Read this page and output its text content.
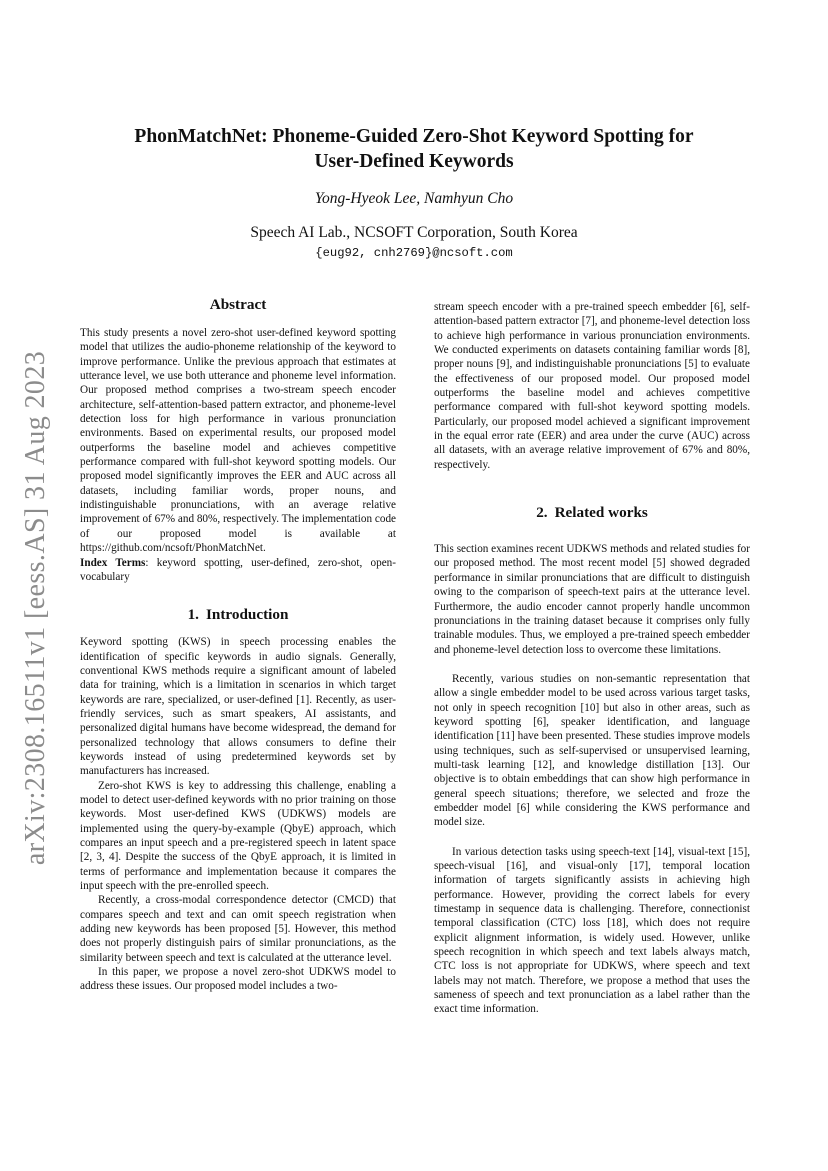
arXiv:2308.16511v1 [eess.AS] 31 Aug 2023
PhonMatchNet: Phoneme-Guided Zero-Shot Keyword Spotting for
User-Defined Keywords

Yong-Hyeok Lee, Namhyun Cho

Speech AI Lab., NCSOFT Corporation, South Korea

{eug92, cnh2769}@ncsoft.com

Abstract

This study presents a novel zero-shot user-defined keyword spotting model that utilizes the audio-phoneme relationship of the keyword to improve performance. Unlike the previous approach that estimates at utterance level, we use both utterance and phoneme level information. Our proposed method comprises a two-stream speech encoder architecture, self-attention-based pattern extractor, and phoneme-level detection loss for high performance in various pronunciation environments. Based on experimental results, our proposed model outperforms the baseline model and achieves competitive performance compared with full-shot keyword spotting models. Our proposed model significantly improves the EER and AUC across all datasets, including familiar words, proper nouns, and indistinguishable pronunciations, with an average relative improvement of 67% and 80%, respectively. The implementation code of our proposed model is available at https://github.com/ncsoft/PhonMatchNet.

Index Terms: keyword spotting, user-defined, zero-shot, open-vocabulary

1. Introduction

Keyword spotting (KWS) in speech processing enables the identification of specific keywords in audio signals. Generally, conventional KWS methods require a significant amount of labeled data for training, which is a limitation in scenarios in which target keywords are rare, specialized, or user-defined [1]. Recently, as user-friendly services, such as smart speakers, AI assistants, and personalized digital humans have become widespread, the demand for personalized technology that allows consumers to define their keywords instead of using predetermined keywords set by manufacturers has increased.

Zero-shot KWS is key to addressing this challenge, enabling a model to detect user-defined keywords with no prior training on those keywords. Most user-defined KWS (UDKWS) models are implemented using the query-by-example (QbyE) approach, which compares an input speech and a pre-registered speech in latent space [2, 3, 4]. Despite the success of the QbyE approach, it is limited in terms of performance and implementation because it compares the input speech with the pre-enrolled speech.

Recently, a cross-modal correspondence detector (CMCD) that compares speech and text and can omit speech registration when adding new keywords has been proposed [5]. However, this method does not properly distinguish pairs of similar pronunciations, as the similarity between speech and text is calculated at the utterance level.

In this paper, we propose a novel zero-shot UDKWS model to address these issues. Our proposed model includes a two-

stream speech encoder with a pre-trained speech embedder [6], self-attention-based pattern extractor [7], and phoneme-level detection loss to achieve high performance in various pronunciation environments. We conducted experiments on datasets containing familiar words [8], proper nouns [9], and indistinguishable pronunciations [5] to evaluate the effectiveness of our proposed model. Our proposed model outperforms the baseline model and achieves competitive performance compared with full-shot keyword spotting models. Particularly, our proposed model achieved a significant improvement in the equal error rate (EER) and area under the curve (AUC) across all datasets, with an average relative improvement of 67% and 80%, respectively.

2. Related works

This section examines recent UDKWS methods and related studies for our proposed method. The most recent model [5] showed degraded performance in similar pronunciations that are difficult to distinguish owing to the comparison of speech-text pairs at the utterance level. Furthermore, the audio encoder cannot properly handle uncommon pronunciations in the training dataset because it comprises only fully trainable modules. Thus, we employed a pre-trained speech embedder and phoneme-level detection loss to overcome these limitations.

Recently, various studies on non-semantic representation that allow a single embedder model to be used across various target tasks, not only in speech recognition [10] but also in other areas, such as keyword spotting [6], speaker identification, and language identification [11] have been presented. These studies improve models using techniques, such as self-supervised or unsupervised learning, multi-task learning [12], and knowledge distillation [13]. Our objective is to obtain embeddings that can show high performance in general speech situations; therefore, we selected and froze the embedder model [6] while considering the KWS performance and model size.

In various detection tasks using speech-text [14], visual-text [15], speech-visual [16], and visual-only [17], temporal location information of targets significantly assists in achieving high performance. However, providing the correct labels for every timestamp in sequence data is challenging. Therefore, connectionist temporal classification (CTC) loss [18], which does not require explicit alignment information, is widely used. However, unlike speech recognition in which speech and text labels always match, CTC loss is not appropriate for UDKWS, where speech and text labels may not match. Therefore, we propose a method that uses the sameness of speech and text pronunciation as a label rather than the exact time information.
